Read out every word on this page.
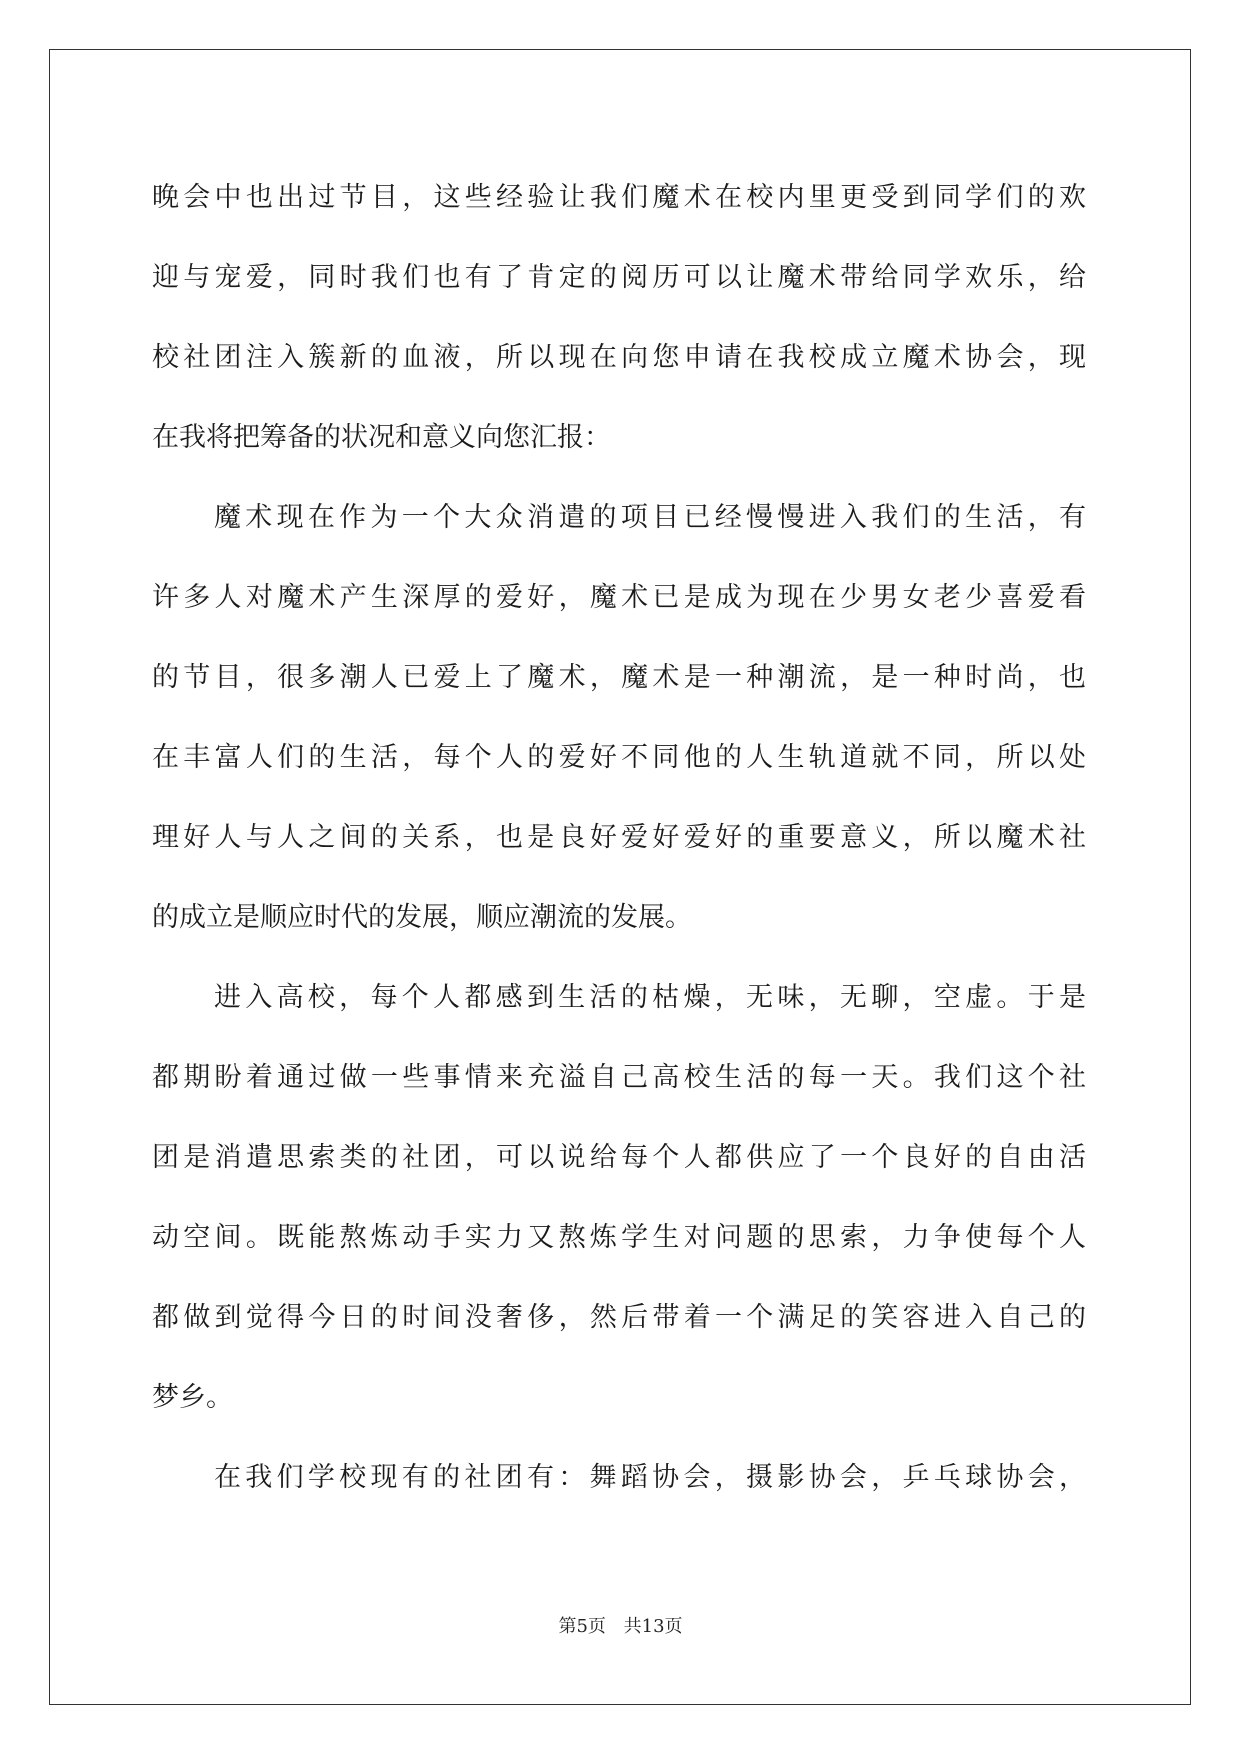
晚会中也出过节目，这些经验让我们魔术在校内里更受到同学们的欢
迎与宠爱，同时我们也有了肯定的阅历可以让魔术带给同学欢乐，给
校社团注入簇新的血液，所以现在向您申请在我校成立魔术协会，现
在我将把筹备的状况和意义向您汇报：
魔术现在作为一个大众消遣的项目已经慢慢进入我们的生活，有
许多人对魔术产生深厚的爱好，魔术已是成为现在少男女老少喜爱看
的节目，很多潮人已爱上了魔术，魔术是一种潮流，是一种时尚，也
在丰富人们的生活，每个人的爱好不同他的人生轨道就不同，所以处
理好人与人之间的关系，也是良好爱好爱好的重要意义，所以魔术社
的成立是顺应时代的发展，顺应潮流的发展。
进入高校，每个人都感到生活的枯燥，无味，无聊，空虚。于是
都期盼着通过做一些事情来充溢自己高校生活的每一天。我们这个社
团是消遣思索类的社团，可以说给每个人都供应了一个良好的自由活
动空间。既能熬炼动手实力又熬炼学生对问题的思索，力争使每个人
都做到觉得今日的时间没奢侈，然后带着一个满足的笑容进入自己的
梦乡。
在我们学校现有的社团有：舞蹈协会，摄影协会，乒乓球协会，
第5页 共13页
